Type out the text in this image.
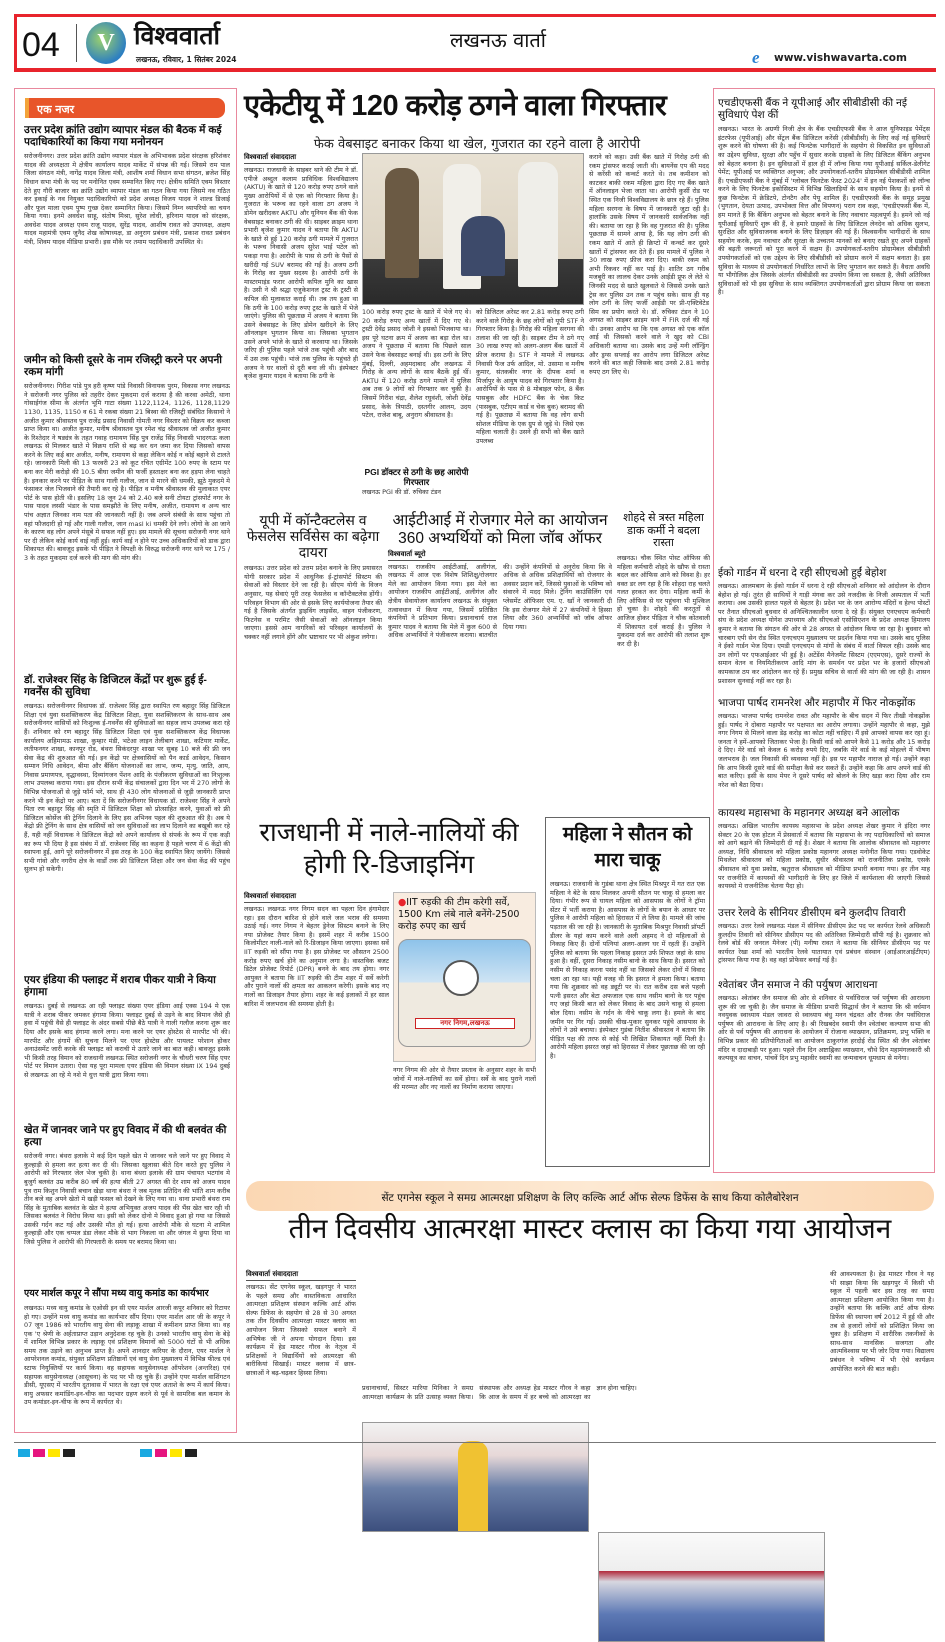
04	V विश्ववार्ता
लखनऊ, रविवार, 1 सितंबर 2024
लखनऊ वार्ता
e www.vishwavarta.com
एक नजर
उत्तर प्रदेश क्रांति उद्योग व्यापार मंडल की बैठक में कई पदाधिकारियों का किया गया मनोनयन
सरोजनीनगर। उत्तर प्रदेश क्रांति उद्योग व्यापार मंडल के अभिभावक प्रदेश संरक्षक हरिशंकर यादव की अध्यक्षता मे क्षेत्रीय कार्यालय यादव मार्केट में संपन्न की गई। जिसमे राम पाल जिला संगठन मंत्री, नागेंद्र यादव जिला मंत्री, आशीष शर्मा विधान सभा संगठन, ब्रजेश सिंह विधान सभा मंत्री के पद पर मनोनित एवम सम्मानित किए गए। क्षेत्रीय समिति एवम विस्तार देते हुए गौरी बाजार का क्रांति उद्योग व्यापार मंडल का गठन किया गया जिसमे नव गठित कर इकाई के नव नियुक्त पदाधिकारियो को प्रदेश अध्यक्ष विजय यादव ने शाल्ड डिजाई और फूल माला एवम पुष्प गुच्छ देकर सम्मानित किया। जिसमे निम्न व्यापरियो का चयन किया गया। इनमे अवधेश साहू, संतोष मिश्रा, सुरेश लोधी, हरिनाम यादव को संरक्षक, अवधेश यादव अध्यक्ष एवम राजू यादव, सुरेंद्र यादव, आशीष रावत को उपाध्यक्ष, अक्षय यादव महामंत्री एवम जुनैद शेख कोषाध्यक्ष, डा अनुराग प्रबंधन मंत्री, प्रकाश रावत प्रबंधन मंत्री, शिवम यादव मीडिया प्रभारी। इस मौके पर तमाम पदाधिकारी उपस्थित थे।
जमीन को किसी दूसरे के नाम रजिस्ट्री करने पर अपनी रकम मांगी
सरोजनीनगर। गिरीश पांडे पुत्र हरी कृष्ण पांडे निवासी विनायक पुरम, विकास नगर लखनऊ ने सरोजनी नगर पुलिस को तहरीर देकर मुकदमा दर्ज कराया है की करवा अमेठी, थाना गोसाईगंज सीमा के अंतर्गत भूमि गाटा संख्या 1122,1124, 1126, 1128,1129 1130, 1135, 1150 व 61 मे रकबा संख्या 21 बिस्वा की रजिस्ट्री संबंधित किसानो ने अजीत कुमार श्रीवास्तव पुत्र राजेंद्र प्रसाद निवासी गोमती नगर विस्तार को विक्रय कर कब्जा प्राप्त किया था। अजीत कुमार, मनीष श्रीवास्तव पुत्र रमेश चंद्र श्रीवास्तव जो अजीत कुमार के रिश्तेदार ने षड्यंत्र के तहत गवाह रामायण सिंह पुत्र राजेंद्र सिंह निवासी भादरगऊ कला लखनऊ से मिलकर खाते मे विक्रय राशि से बढ़ कर धन जमा कर दिया जिसको वापस करने के लिए कई बार अजीत, मनीष, रामायण से कहा लेकिन कोई न कोई बहाने से टालते रहे। जानकारी मिली की 13 फरवरी 23 को कूट रचित एग्रीमेंट 100 रुपए के स्टाम पर बना कर मेरी करोड़ो की 10.5 बीघा जमीन की फर्जी हस्ताक्षर बना कर हड़पा लेना चाहते है। इनकार करने पर पीड़ित के साथ गाली गलौज, जान से मारने की धमकी, झूठे मुकदमे मे फंसाकर जेल भिजवाने की तैयारी कर रहे है। पीड़ित व मनीष श्रीवास्तव की मुलाकात एयर पोर्ट के पास होती थी। इसलिए 18 जून 24 को 2.40 बजे सनी टोयटा ट्रांसपोर्ट नगर के पास यादव लस्सी भंडार के पास समझौते के लिए मनीष, अजीत, रामायण व अन्य चार पांच अज्ञात जिनका नाम पता की जानकारी नहीं है। जब अपने संबंधी के साथ पहुंचा तो वहां फौजदारी हो गई और गाली गलौज, जान masl ki धमकी देने लगे। लोगो के आ जाने के कारण वह लोग अपने मंसूबे मे सफल नहीं हुए। इस मामले की सूचना सरोजनी नगर थाने पर दी लेकिन कोई कार्य वाई नहीं हुई। कार्य वाई न होने पर उच्च अधिकारियों को डाक द्वारा शिकायत की। बावजूद इसके भी पीड़ित ने विपक्षी के विरुद्ध सरोजनी नगर थाने पर 175 / 3 के तहत मुकदमा दर्ज करने की माग की मांग की।
डॉ. राजेश्वर सिंह के डिजिटल केंद्रों पर शुरू हुई ई-गवर्नेंस की सुविधा
लखनऊ। सरोजनीनगर विधायक डॉ. राजेश्वर सिंह द्वारा स्थापित रण बहादुर सिंह डिजिटल शिक्षा एवं युवा सशक्तिकरण केंद्र डिजिटल शिक्षा, युवा सशक्तिकरण के साथ-साथ अब सरोजनीनगर वासियों को निःशुल्क ई-गवर्नेंस की सुविधाओं का सहज लाभ उपलब्ध करा रहे हैं। शनिवार को रण बहादुर सिंह डिजिटल शिक्षा एवं युवा सशक्तिकरण केंद्र विधायक कार्यालय अहिमामऊ शाखा, कुम्हार मंडी, भटेआ लाइन तेलीबाग शाखा, कटियार मार्केट, लतीफनगर शाखा, कानपुर रोड, बंथरा सिकंदरपुर शाखा पर सुबह 10 बजे की फ्री जन सेवा केंद्र की शुरुआत की गई। इन केंद्रो पर क्षेत्रवासियों को पैन कार्ड आवेदन, किसान सम्मान निधि आवेदन, बीमा और बैंकिंग योजनाओं का लाभ, जन्म, मृत्यु, जाति, आय, निवास प्रमाणपत्र, वृद्धावस्था, दिव्यांगजन पेंशन आदि के पंजीकरण सुविधाओं का निःशुल्क लाभ उपलब्ध कराया गया। इस दौरान सभी केंद्र संचालकों द्वारा दिन भर में 270 लोगो के विभिन्न योजनाओं से जुड़े फॉर्म भरे, साथ ही 430 लोग योजनाओं से जुड़ी जानकारी प्राप्त करने भी इन केंद्रो पर आए। बता दें कि सरोजनीनगर विधायक डॉ. राजेश्वर सिंह ने अपने पिता रण बहादुर सिंह की स्मृति में डिजिटल शिक्षा को प्रोत्साहित करने, युवाओं को फ्री डिजिटल कोर्सेज की ट्रेनिंग दिलाने के लिए इस अभिनव पहल की शुरुआत की है। अब ये केंद्रो फ्री ट्रेनिंग के साथ क्षेत्र वासियों को जन सुविधाओं का लाभ दिलाने का बखूबी कर रहे हैं, यही नहीं विधायक ने डिजिटल केंद्रो को अपने कार्यालय से संपर्क के रूप में एक कड़ी का रूप भी दिया है इस संबंध में डॉ. राजेश्वर सिंह का कहना है पहले चरण में 6 केंद्रो की स्थापना हुई, आगे पूरे सरोजनीनगर में इस तरह के 100 केंद्र स्थापित किए जायेंगे। जिससे सभी गांवो और नगरीय क्षेत्र के वार्डों तक फ्री डिजिटल शिक्षा और जन सेवा केंद्र की पहुंच सुलभ हो सकेगी।
एयर इंडिया की फ्लाइट में शराब पीकर यात्री ने किया हंगामा
लखनऊ। दुबई से लखनऊ आ रही फ्लाइट संख्या एयर इंडिया आई एक्स 194 मे एक यात्री ने शराब पीकर जमकर हंगामा किया। फ्लाइट दुबई से उड़ने के बाद विमान जैसे ही हवा में पहुंची वैसे ही फ्लाइट के अंदर सबसे पीछे बैठे यात्री ने गाली गलौज करना शुरू कर दिया और इसके बाद हंगामा करने लगा। मना करने पर एयर होस्टेस से मारपीट भी की। मारपीट और हंगामें की सूचना मिलने पर एयर होस्टेस और पायलट परेशान होकर अनाउंसमेंट जारी करके की फ्लाइट को कराची मे उतारे जाने का बात कही। बावजूद इसके भी किसी तरह विमान को राजधानी लखनऊ स्थित सरोजनी नगर के चौधरी चरण सिंह एयर पोर्ट पर विमान उतारा। ऐसा यह पूरा मामला एयर इंडिया की विमान संख्या IX 194 दुबई से लखनऊ आ रहे मे नशे मे धुत्त यात्री द्वारा किया गया।
खेत में जानवर जाने पर हुए विवाद में की थी बलवंत की हत्या
सरोजनी नगर। बंथरा इलाके मे कई दिन पहले खेत मे जानवर चले जाने पर हुए विवाद मे कुल्हाड़ी से हमला कर हत्या कर दी थी। जिसका खुलासा बीते दिन करते हुए पुलिस ने आरोपी को गिरफ्तार जेल भेज चुकी है। थाना बंथरा इलाके की ग्राम पंचायत भटगांव मे बुजुर्ग बलवंत उम्र करीब 80 वर्ष की हत्या बीती 27 अगस्त की देर शाम को अजय यादव पुत्र राम किशुन निवासी बचान खेड़ा थाना बंथरा ने जब मृतक प्रतिदिन की भांति शाम करीब तीन बजे वह अपने खेतो मे खड़ी फसल को देखने के लिए गया था। थाना प्रभारी बंथरा राम सिंह के मुताबिक बलवंत के खेत मे हत्या अभियुक्त अजय यादव की भैंस खेत चार रही थी जिसका बलवंत ने विरोध किया था। इसी को लेकर दोनो मे विवाद हुआ हो गया था जिससे उसकी गर्दन कट गई और उसकी मौत हो गई। हत्या आरोपी मौके से घटना मे शामिल कुल्हाड़ी और एक चप्पल डंडा लेकर मौके से भाग निकला था और जंगल मे छुपा दिया था जिसे पुलिस ने आरोपी की गिरफ्तारी के समय पर बरामद किया था।
एयर मार्शल कपूर ने सौंपा मध्य वायु कमांड का कार्यभार
लखनऊ। मध्य वायु कमांड के एओसी इन सी एयर मार्शल आरजी कपूर शनिवार को रिटायर हो गए। उन्होंने मध्य वायु कमांड का कार्यभार सौंप दिया। एयर मार्शल आर जी के कपूर ने 07 जून 1986 को भारतीय वायु सेना की लड़ाकू शाखा में कमीशन प्राप्त किया था। वह एक 'ए श्रेणी के अर्हताप्राप्त उड़ान अनुदेशक रह चुके है। उनको भारतीय वायु सेना के बेड़े में शामिल विभिन्न प्रकार के लड़ाकू एवं प्रशिक्षण विमानों को 5000 घंटों से भी अधिक समय तक उड़ाने का अनुभव प्राप्त है। अपने शानदार करियर के दौरान, एयर मार्शल ने आपरेशनल कमांड, संयुक्त प्रशिक्षण प्रतिष्ठानों एवं वायु सेना मुख्यालय में विभिन्न फील्ड एवं स्टाफ नियुक्तियों पर कार्य किया। वह सहायक वायुसेनाध्यक्ष ऑपरेशन (अन्तरिक्ष) एवं सहायक वायुसेनाध्यक्ष (आसूचना) के पद पर भी रह चुके हैं। उन्होंने एयर मार्शल वाशिंगटन डीसी, यूएसए में भारतीय दूतावास में भारत के रक्षा एवं एयर अताशे के रूप में कार्य किया। वायु अफसर कमांडिंग-इन-चीफ का पदभार ग्रहण करने से पूर्व वे सामरिक बल कमान के उप कमांडर-इन-चीफ के रूप में कार्यरत थे।
एकेटीयू में 120 करोड़ ठगने वाला गिरफ्तार
फेक वेबसाइट बनाकर किया था खेल, गुजरात का रहने वाला है आरोपी
विश्ववार्ता संवाददाता
लखनऊ। राजधानी के साइबर थाने की टीम ने डॉ. एपीजे अब्दुल कलाम प्राविधिक विश्वविद्यालय (AKTU) के खाते से 120 करोड़ रुपए ठगने वाले मुख्य आरोपियों में से एक को गिरफ्तार किया है। गुजरात के भरूच का रहने वाला ठग अजय ने डोमेन खरीदकर AKTU और यूनियन बैंक की फेक वेबसाइट बनाकर ठगी की थी। साइबर क्राइम थाना प्रभारी बृजेश कुमार यादव ने बताया कि AKTU के खाते से हुई 120 करोड़ ठगी मामले में गुजरात के भरूच निवासी अजय सुरेश भाई पटेल को पकड़ा गया है। आरोपी के पास से ठगी के पैसों से खरीदी गई SUV बरामद की गई है। अजय ठगी के गिरोह का मुख्य सदस्य है। आरोपी ठगी के मास्टरमाइंड फरार आरोपी कपिल मुनि का खास है। उसी ने श्री श्रद्धा एजुकेशनल ट्रस्ट के ट्रस्टी से कपिल की मुलाकात कराई थी। तब तय हुआ था कि ठगी के 100 करोड़ रुपए ट्रस्ट के खाते में भेजे जाएंगे। पुलिस की पूछताछ में अजय ने बताया कि उसने वेबसाइट के लिए डोमेन खरीदने के लिए ऑनलाइन भुगतान किया था। जिसका भुगतान उसने अपने भांजे के खाते से करवाया था। जिसके जरिए ही पुलिस पहले भांजे तक पहुंची और बाद में उस तक पहुंची। भांजे तक पुलिस के पहुंचते ही अजय ने घर वालों से दूरी बना ली थी। इंस्पेक्टर बृजेश कुमार यादव ने बताया कि ठगी के
100 करोड़ रुपए ट्रस्ट के खाते में भेजे गए थे। 20 करोड़ रुपए अन्य खातों में दिए गए थे। ट्रस्टी देवेंद्र प्रसाद जोशी ने इसको भिजवाया था। इस पूरे घटना क्रम में अजय का बड़ा रोल था। अजय ने पूछताछ में बताया कि पिछले साल उसने फेक वेबसाइट बनाई थी। इस ठगी के लिए मुंबई, दिल्ली, अहमदाबाद और लखनऊ में गिरोह के अन्य लोगों के साथ बैठकें हुई थीं। AKTU में 120 करोड़ ठगने मामले में पुलिस अब तक 9 लोगों को गिरफ्तार कर चुकी है। जिसमें गिरीश चंद्रा, शैलेश रघुवंशी, जोशी देवेंद्र प्रसाद, केके त्रिपाठी, दस्तगीर आलम, उदय पटेल, राजेश बाबू, अनुराग श्रीवास्तव है।
को डिजिटल अरेस्ट कर 2.81 करोड़ रुपए ठगी करने वाले गिरोह के छह लोगों को यूपी STF ने गिरफ्तार किया है। गिरोह की महिला सरगना की तलाश की जा रही है। साइबर टीम ने ठगे गए 30 लाख रुपए को अलग-अलग बैंक खातों में फ्रीज कराया है। STF ने मामले में लखनऊ निवासी फैज उर्फ आदिल, मो. उसामा व मनीष कुमार, संतकबीर नगर के दीपक शर्मा व मिर्जापुर के आयुष यादव को गिरफ्तार किया है। आरोपियों के पास से 8 मोबाइल फोन, 8 बैंक पासबुक और HDFC बैंक के चेक किट (पासबुक, एटीएम कार्ड व चेक बुक) बरामद की गई है। पूछताछ में बताया कि वह लोग सभी सोशल मीडिया के एक ग्रुप से जुड़े थे। जिसे एक महिला चलाती है। उसने ही सभी को बैंक खाते उपलब्ध
PGI डॉक्टर से ठगी के छह आरोपी गिरफ्तार
लखनऊ PGI की डॉ. रुचिका टंडन
कराने को कहा। उसी बैंक खाते में गिरोह ठगी की रकम ट्रांसफर कराई जाती थी। बायनेंस एप की मदद से करेंसी को कन्वर्ट करते थे। तब कमीशन को काटकर बाकी रकम महिला द्वारा दिए गए बैंक खाते में ऑनलाइन भेजा जाता था। आरोपी कुर्सी रोड पर स्थित एक निजी विश्वविद्यालय के छात्र रहे हैं। पुलिस महिला सरगना के विषय में जानकारी जुटा रही है। हालांकि उसके विषय में जानकारी सार्वजनिक नहीं की। बताया जा रहा है कि वह गुजरात की है। पुलिस पूछताछ में सामने आया है, कि यह लोग ठगी की रकम खाते में आते ही क्रिप्टो में कन्वर्ट कर दूसरे खातों में ट्रांसफर कर देते हैं। इस मामले में पुलिस ने 30 लाख रुपए फ्रीज करा दिए। बाकी रकम को अभी रिकवर नहीं कर पाई है। शातिर ठग गरीब मजबूरी का लालच देकर उनके आईडी प्रूफ ले लेते थे जिनकी मदद से खाते खुलवाते थे जिससे उनके खाते ट्रेस कर पुलिस उन तक न पहुंच सके। साथ ही यह लोग ठगी के लिए फर्जी आईडी पर प्री-एक्टिवेटेड सिम का प्रयोग करते थे। डॉ. रुचिका टंडन ने 10 अगस्त को साइबर क्राइम थाने में FIR दर्ज की गई थी। उनका आरोप था कि एक अगस्त को एक कॉल आई थी जिसको करने वाले ने खुद को CBI अधिकारी बताया था। उसके बाद उन्हें मनी लॉन्ड्रिंग और ड्रग्स सप्लाई का आरोप लगा डिजिटल अरेस्ट करने की बात कही जिसके बाद उनसे 2.81 करोड़ रुपए ठग लिए थे।
यूपी में कॉन्टैक्टलेस व फेसलेस सर्विसेस का बढ़ेगा दायरा
लखनऊ। उत्तर प्रदेश को उत्तम प्रदेश बनाने के लिए प्रयासरत योगी सरकार प्रदेश में आधुनिक ई-ट्रांसपोर्ट सिस्टम की सेवाओं को विस्तार देने जा रही है। सीएम योगी के विजन अनुसार, यह सेवाएं पूरी तरह फेसलेस व कॉन्टैक्टलेस होंगी। परिवहन विभाग की ओर से इसके लिए कार्ययोजना तैयार की गई है जिसके अंतर्गत ड्राइविंग लाइसेंस, वाहन पंजीकरण, फिटनेस व परमिट जैसी सेवाओं को ऑनलाइन किया जाएगा। इससे आम नागरिकों को परिवहन कार्यालयों के चक्कर नहीं लगाने होंगे और भ्रष्टाचार पर भी अंकुश लगेगा।
आईटीआई में रोजगार मेले का आयोजन 360 अभ्यर्थियों को मिला जॉब ऑफर
विश्ववार्ता ब्यूरो
लखनऊ। राजकीय आईटीआई, अलीगंज, लखनऊ में आज एक विशेष शिशिक्षु/रोजगार मेले का आयोजन किया गया। इस मेले का आयोजन राजकीय आईटीआई, अलीगंज और क्षेत्रीय सेवायोजन कार्यालय लखनऊ के संयुक्त तत्वावधान में किया गया, जिसमें प्रतिष्ठित कंपनियों ने प्रतिभाग किया। प्रधानाचार्य राज कुमार यादव ने बताया कि मेले में कुल 600 से अधिक अभ्यर्थियों ने पंजीकरण कराया। बातचीत की। उन्होंने कंपनियों से अनुरोध किया कि वे अधिक से अधिक प्रशिक्षार्थियों को रोजगार के अवसर प्रदान करें, जिससे युवाओं के भविष्य को संवारने में मदद मिले। ट्रेनिंग काउंसिलिंग एवं प्लेसमेंट ऑफिसर एम. ए. खाँ ने जानकारी दी कि इस रोजगार मेले में 27 कंपनियों ने हिस्सा लिया और 360 अभ्यर्थियों को जॉब ऑफर दिया गया।
शोहदे से त्रस्त महिला डाक कर्मी ने बदला रास्ता
लखनऊ। चौक स्थित पोस्ट ऑफिस की महिला कर्मचारी शोहदे के खौफ से रास्ता बदल कर ऑफिस आने को विवश है। हर वक्त डर लग रहा है कि शोहदा राह चलते गलत हरकत कर देगा। महिला कर्मी के लिए ऑफिस से घर पहुंचना भी मुश्किल हो चुका है। शोहदे की करतूतों से आजिज होकर पीड़िता ने चौक कोतवाली में शिकायत दर्ज कराई है। पुलिस ने मुकदमा दर्ज कर आरोपी की तलाश शुरू कर दी है।
राजधानी में नाले-नालियों की होगी रि-डिजाइनिंग
विश्ववार्ता संवाददाता
लखनऊ। लखनऊ नगर निगम सदन का पहला दिन हंगामेदार रहा। इस दौरान बारिश से होने वाले जल भराव की समस्या उठाई गई। नगर निगम ने बेहतर ड्रेनेज सिस्टम बनाने के लिए नया प्रोजेक्ट तैयार किया है। इसमें शहर में करीब 1500 किलोमीटर नाली-नाले को रि-डिजाइन किया जाएगा। इसका सर्वे IIT रुड़की को सौंपा गया है। इस प्रोजेक्ट पर औसतन 2500 करोड़ रुपए खर्च होने का अनुमान लगा है। वास्तविक बजट डिटेल प्रोजेक्ट रिपोर्ट (DPR) बनने के बाद तय होगा। नगर आयुक्त ने बताया कि IIT रुड़की की टीम शहर में सर्वे करेगी और पुराने नालों की क्षमता का आकलन करेगी। इसके बाद नए नालों का डिजाइन तैयार होगा। शहर के कई इलाकों में हर साल बारिश में जलभराव की समस्या होती है।
●IIT रुड़की की टीम करेगी सर्वे, 1500 Km लंबे नाले बनेंगे-2500 करोड़ रुपए का खर्च
नगर निगम,लखनऊ
नगर निगम की ओर से तैयार प्रस्ताव के अनुसार शहर के सभी जोनों में नाले-नालियों का सर्वे होगा। सर्वे के बाद पुराने नालों की मरम्मत और नए नालों का निर्माण कराया जाएगा।
महिला ने सौतन को मारा चाकू
लखनऊ। राजधानी के गुडंबा थाना क्षेत्र स्थित मिश्रपुर में गत रात एक महिला ने बेटे के साथ मिलकर अपनी सौतन पर चाकू से हमला कर दिया। गंभीर रूप से घायल महिला को आसपास के लोगों ने ट्रॉमा सेंटर में भर्ती कराया है। आसपास के लोगों के बयान के आधार पर पुलिस ने आरोपी महिला को हिरासत में ले लिया है। मामले की जांच पड़ताल की जा रही है। जानकारी के मुताबिक मिश्रपुर निवासी प्रॉपर्टी डीलर के यहां काम करने वाले अली अहमद ने दो महिलाओं से निकाह किए हैं। दोनों पत्नियां अलग-अलग घर में रहती हैं। उन्होंने पुलिस को बताया कि पहला निकाह इसरत उर्फ शिफत जहां के साथ हुआ है। वहीं, दूसरा निकाह नसीम बानो के साथ किया है। इसरत को नसीम से निकाह करना पसंद नहीं था जिसको लेकर दोनों में विवाद चला आ रहा था। यही वजह थी कि इसरत ने हमला किया। बताया गया कि शुक्रवार को वह ड्यूटी पर थे। रात करीब दस बजे पहली पत्नी इसरत और बेटा अफजाल एक साथ नसीम बानो के घर पहुंच गए जहां किसी बात को लेकर विवाद के बाद उसने चाकू से हमला बोल दिया। नसीम के गर्दन के नीचे चाकू लगा है। हमले के बाद जमीन पर गिर गई। उसकी चीख-पुकार सुनकर पहुंचे आसपास के लोगों ने उसे बचाया। इंस्पेक्टर गुडंबा नितीश श्रीवास्तव ने बताया कि पीड़ित पक्ष की तरफ से कोई भी लिखित शिकायत नहीं मिली है। आरोपी महिला इसरत जहां को हिरासत में लेकर पूछताछ की जा रही है।
एचडीएफसी बैंक ने यूपीआई और सीबीडीसी की नई सुविधाएं पेश कीं
लखनऊ। भारत के अग्रणी निजी क्षेत्र के बैंक एचडीएफसी बैंक ने आज यूनिफाइड पेमेंट्स इंटरफेस (यूपीआई) और सेंट्रल बैंक डिजिटल करेंसी (सीबीडीसी) के लिए कई नई सुविधाएँ शुरू करने की घोषणा की है। कई फिनटेक भागीदारों के सहयोग से विकसित इन सुविधाओं का उद्देश्य सुविधा, सुरक्षा और पहुँच में सुधार करके ग्राहकों के लिए डिजिटल बैंकिंग अनुभव को बेहतर बनाना है। इन सुविधाओं में हाल ही में लॉन्च किया गया यूपीआई सर्किल-डेलीगेट पेमेंट; यूपीआई पर व्यक्तिगत अनुभव; और उपयोगकर्ता-स्तरीय प्रोग्रामेबल सीबीडीसी शामिल हैं। एचडीएफसी बैंक ने मुंबई में 'ग्लोबल फिनटेक फेस्ट 2024' में इन नई पेशकशों को लॉन्च करने के लिए फिनटेक इकोसिस्टम में विभिन्न खिलाड़ियों के साथ सहयोग किया है। इनमें से कुछ फिनटेक में क्रेडिटपे, टोनटैग और पेयू शामिल हैं। एचडीएफसी बैंक के समूह प्रमुख (भुगतान, देयता उत्पाद, उपभोक्ता वित्त और विपणन) पराग राव कहा, 'एचडीएफसी बैंक में, हम मानते हैं कि बैंकिंग अनुभव को बेहतर बनाने के लिए नवाचार महत्वपूर्ण है। हमने जो नई यूपीआई सुविधाएँ शुरू की हैं, वे हमारे ग्राहकों के लिए डिजिटल लेनदेन को अधिक सुलभ, सुरक्षित और सुविधाजनक बनाने के लिए डिज़ाइन की गई हैं। विश्वसनीय भागीदारों के साथ सहयोग करके, हम नवाचार और सुरक्षा के उच्चतम मानकों को बनाए रखते हुए अपने ग्राहकों की बढ़ती जरूरतों को पूरा करने में सक्षम हैं। उपयोगकर्ता-स्तरीय प्रोग्रामेबल सीबीडीसी उपयोगकर्ताओं को एक उद्देश्य के लिए सीबीडीसी को प्रोग्राम करने में सक्षम बनाता है। इस सुविधा के माध्यम से उपयोगकर्ता निर्धारित लाभों के लिए भुगतान कर सकते हैं। वैधता अवधि या भौगोलिक क्षेत्र जिसके अंतर्गत सीबीडीसी का उपयोग किया जा सकता है, जैसी अतिरिक्त सुविधाओं को भी इस सुविधा के साथ व्यक्तिगत उपयोगकर्ताओं द्वारा प्रोग्राम किया जा सकता है।
ईको गार्डन में धरना दे रही सीएचओ हुईं बेहोश
लखनऊ। आलमबाग के ईको गार्डन में धरना दे रही सीएचओ शनिवार को आंदोलन के दौरान बेहोश हो गई। तुरंत ही साथियों ने गाड़ी मंगवा कर उसे नजदीक के निजी अस्पताल में भर्ती कराया। अब उसकी हालत पहले से बेहतर है। प्रदेश भर के जन आरोग्य मंदिरों व हेल्थ पोस्टों पर तैनात सीएचओ बुधवार से अनिश्चितकालीन धरना दे रहे हैं। संयुक्त एनएचएम कर्मचारी संघ के प्रदेश अध्यक्ष योगेश उपाध्याय और सीएचओ एसोसिएशन के प्रदेश अध्यक्ष हिमालय कुमार ने बताया कि संगठन की ओर से 28 अगस्त से आंदोलन किया जा रहा है। बुधवार को चारबाग एपी सेन रोड स्थित एनएचएम मुख्यालय पर प्रदर्शन किया गया था। उसके बाद पुलिस ने ईको गार्डन भेज दिया। एमडी एनएचएम से मांगों के संबंध में वार्ता विफल रही। उसके बाद उन लोगों पर एफआईआर भी हुई है। अटेंडेंस मैनेजमेंट सिस्टम (एएमएस), दूसरे राज्यों के समान वेतन व नियमितीकरण आदि मांग के समर्थन पर प्रदेश भर के हजारों सीएचओ कामकाज ठप कर आंदोलन कर रहे हैं। प्रमुख सचिव से वार्ता की मांग की जा रही है। शासन प्रशासन सुनवाई नहीं कर रहा है।
भाजपा पार्षद रामनरेश और महापौर में फिर नोकझोंक
लखनऊ। भाजपा पार्षद रामनरेश रावत और महापौर के बीच सदन में फिर तीखी नोकझोंक हुई। पार्षद ने दोबारा महापौर पर पक्षपात का आरोप लगाया। उन्होंने महापौर से कहा, मुझे नगर निगम से मिलने वाला डेढ़ करोड़ का कोटा नहीं चाहिए। मैं इसे आपको वापस कर रहा हूं। जनता ने हमें-आपको जिताकर भेजा है। किसी वार्ड को आपने कैसे 11 करोड़ और 15 करोड़ दे दिए। मेरे वार्ड को केवल 6 करोड़ रुपये दिए, जबकि मेरे वार्ड के कई मोहल्ले में भीषण जलभराव है। जल निकासी की व्यवस्था नहीं है। इस पर महापौर नाराज हो गई। उन्होंने कहा कि आप किसी दूसरे वार्ड की समीक्षा कैसे कर सकते हैं। उन्होंने कहा कि आप अपने वार्ड की बात करिए। इसी के साथ मेयर ने दूसरे पार्षद को बोलने के लिए खड़ा करा दिया और राम नरेश को बैठा दिया।
कायस्थ महासभा के महानगर अध्यक्ष बने आलोक
लखनऊ। अखिल भारतीय कायस्थ महासभा के प्रदेश अध्यक्ष शेखर कुमार ने इंदिरा नगर सेक्टर 20 के एक होटल में प्रेसवार्ता में बताया कि महासभा के नए पदाधिकारियों को समाज को आगे बढ़ाने की जिम्मेदारी दी गई है। शेखर ने बताया कि आलोक श्रीवास्तव को महानगर अध्यक्ष, निधि श्रीवास्तव को महिला प्रकोष्ठ महानगर अध्यक्ष मनोनीत किया गया। एडवोकेट मिथलेश श्रीवास्तव को महिला प्रकोष्ठ, सुधीर श्रीवास्तव को राजनीतिक प्रकोष्ठ, एसके श्रीवास्तव को युवा प्रकोष्ठ, ऋतुराज श्रीवास्तव को मीडिया प्रभारी बनाया गया। हर तीन माह पर राजनीति में कायस्थों की भागीदारी के लिए हर जिले में कार्यशाला की जाएगी जिससे कायस्थो मे राजनीतिक चेतना पैदा हो।
उत्तर रेलवे के सीनियर डीसीएम बने कुलदीप तिवारी
लखनऊ। उत्तर रेलवे लखनऊ मंडल में सीनियर डीसीएम फ्रेट पद पर कार्यरत रेलवे अधिकारी कुलदीप तिवारी को सीनियर डीसीएम पद की अतिरिक्त जिम्मेदारी सौंपी गई है। शुक्रवार को रेलवे बोर्ड की जनरल मैनेजर (पी) मनीषा रावत ने बताया कि सीनियर डीसीएम पद पर कार्यरत रेखा शर्मा को भारतीय रेलवे यातायात एवं प्रबंधन संस्थान (आईआरआईटीएम) ट्रांसफर किया गया है। वह वहां प्रोफेसर बनाई गई है।
श्वेतांबर जैन समाज ने की पर्युषण आराधना
लखनऊ। श्वेतांबर जैन समाज की ओर से शनिवार से पर्वाधिराज पर्व पर्युषण की आराधना शुरू की जा चुकी है। जैन समाज के मीडिया प्रभारी सिद्धार्थ जैन ने बताया कि श्री वर्धमान नवयुवक स्वाध्याय मंडल जावरा से स्वाध्याय बंधु मनन चंद्रवत और रौनक जैन पर्वाधिराज पर्युषण की आराधना के लिए आए है। श्री रिखबदेव स्वामी जैन श्वेतांबर कल्याण सभा की ओर से पर्व पर्युषण की आराधना के आयोजन में रोजाना व्याख्यान, प्रतिक्रमण, प्रभु भक्ति व विभिन्न प्रकार की प्रतियोगिताओं का आयोजन ठाकुरगंज हरदोई रोड स्थित श्री जैन श्वेतांबर मंदिर व दादाबाड़ी पर हुआ। पहले तीन दिन अष्टाह्निका व्याख्यान, चौथे दिन महामंगलकारी श्री कल्पसूत्र का वाचन, पांचवें दिन प्रभु महावीर स्वामी का जन्मवाचन धूमधाम से मनेगा।
सेंट एगनेस स्कूल ने समग्र आत्मरक्षा प्रशिक्षण के लिए कल्कि आर्ट ऑफ सेल्फ डिफेंस के साथ किया कोलैबोरेशन
तीन दिवसीय आत्मरक्षा मास्टर क्लास का किया गया आयोजन
विश्ववार्ता संवाददाता
लखनऊ। सेंट एगनेस स्कूल, खड़गपुर ने भारत के पहले समग्र और वास्तविकता आधारित आत्मरक्षा प्रशिक्षण संस्थान कल्कि आर्ट ऑफ सेल्फ डिफेंस के सहयोग से 28 से 30 अगस्त तक तीन दिवसीय आत्मरक्षा मास्टर क्लास का आयोजन किया जिसको सफल बनाने में अभिषेक जी ने अपना योगदान दिया। इस कार्यक्रम में हेड मास्टर गौरव के नेतृत्व में प्रशिक्षकों ने विद्यार्थियों को आत्मरक्षा की बारीकियां सिखाईं। मास्टर क्लास में छात्र-छात्राओं ने बढ़-चढ़कर हिस्सा लिया।
प्रधानाचार्या, सिस्टर मारिया मिनिका ने समग्र आत्मरक्षा कार्यक्रम के प्रति उत्साह व्यक्त किया। संस्थापक और अध्यक्ष हेड मास्टर गौरव ने कहा कि आज के समय में हर बच्चे को आत्मरक्षा का ज्ञान होना चाहिए।
की आवश्यकता है। हेड मास्टर गौरव ने यह भी साझा किया कि खड़गपुर में किसी भी स्कूल में पहली बार इस तरह का समग्र आत्मरक्षा प्रशिक्षण आयोजित किया गया है। उन्होंने बताया कि कल्कि आर्ट ऑफ सेल्फ डिफेंस की स्थापना वर्ष 2012 में हुई थी और तब से हजारों लोगों को प्रशिक्षित किया जा चुका है। प्रशिक्षण में शारीरिक तकनीकों के साथ-साथ मानसिक सजगता और आत्मविश्वास पर भी जोर दिया गया। विद्यालय प्रबंधन ने भविष्य में भी ऐसे कार्यक्रम आयोजित करने की बात कही।
